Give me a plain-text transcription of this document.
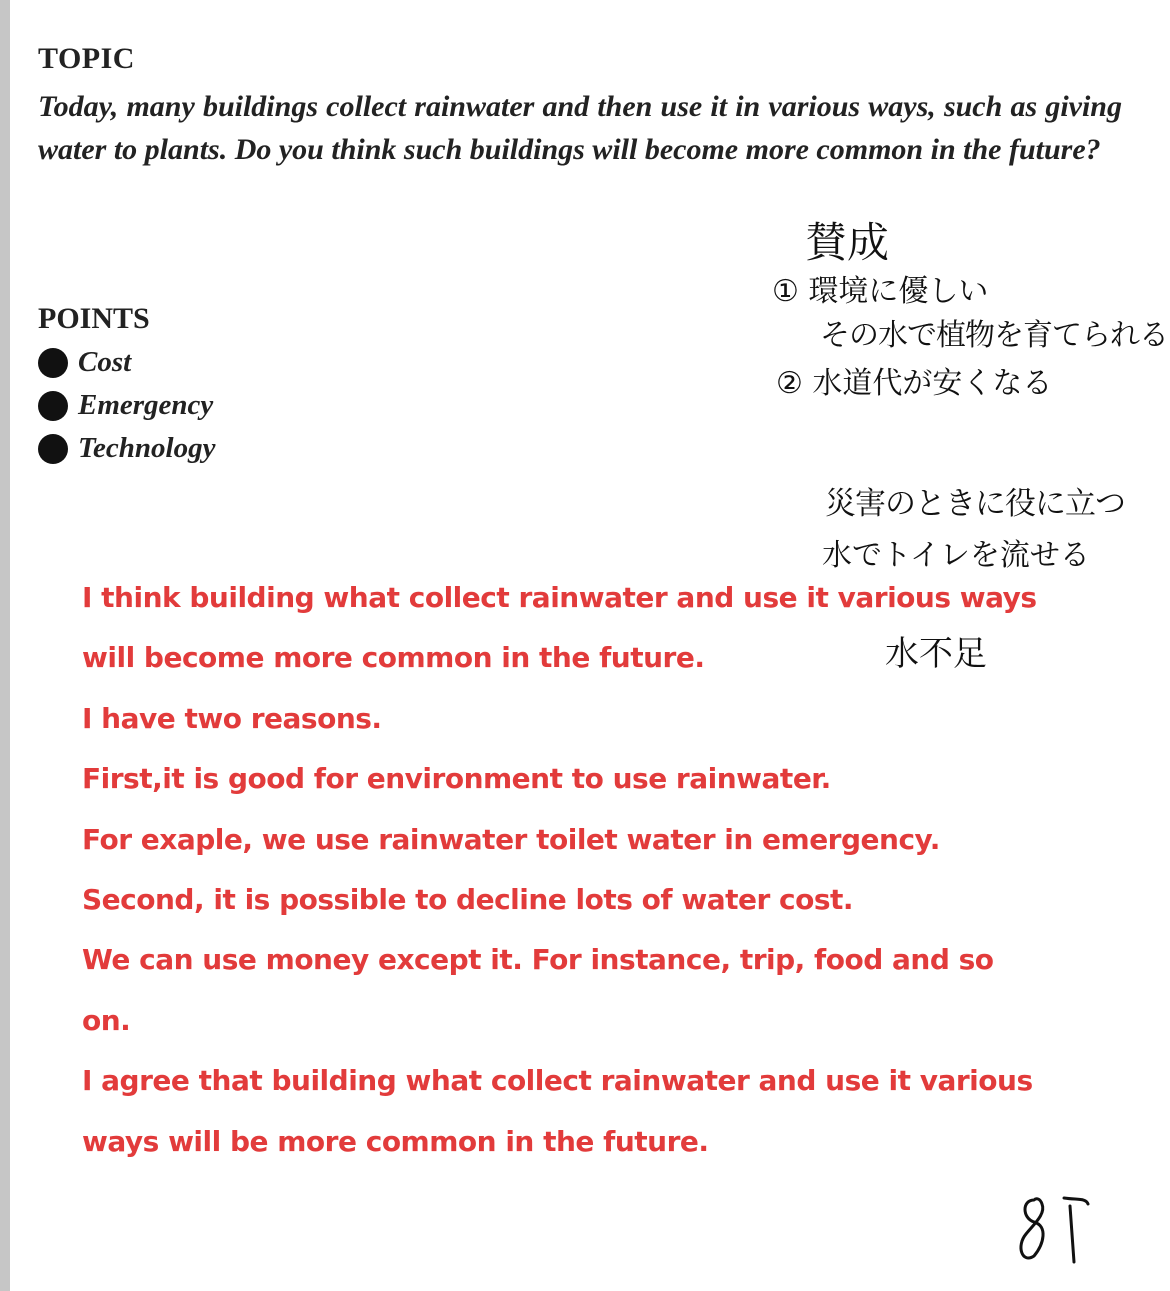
TOPIC
Today, many buildings collect rainwater and then use it in various ways, such as giving water to plants. Do you think such buildings will become more common in the future?
POINTS
Cost
Emergency
Technology
賛成
① 環境に優しい
その水で植物を育てられる
② 水道代が安くなる
災害のときに役に立つ
水でトイレを流せる
水不足

I think building what collect rainwater and use it various ways

will become more common in the future.

I have two reasons.

First,it is good for environment to use rainwater.

For exaple, we use rainwater toilet water in emergency.

Second, it is possible to decline lots of water cost.

We can use money except it. For instance, trip, food and so

on.

I agree that building what collect rainwater and use it various

ways will be more common in the future.
